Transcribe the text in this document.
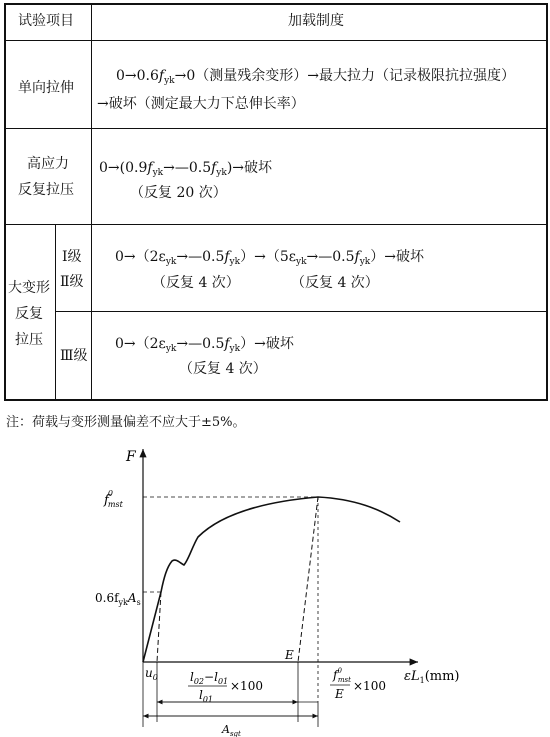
试验项目	加载制度
单向拉伸
$0\to 0.6f_{yk}\to 0$（测量残余变形）→最大拉力（记录极限抗拉强度）
→破坏（测定最大力下总伸长率）
高应力
反复拉压
$0\to(0.9f_{yk}\to—0.5f_{yk})\to$破坏
（反复 20 次）
大变形
反复
拉压
Ⅰ级
Ⅱ级
$0\to(2\varepsilon_{yk}\to—0.5f_{yk})\to(5\varepsilon_{yk}\to—0.5f_{yk})\to$破坏
（反复 4 次）	（反复 4 次）
Ⅲ级
$0\to(2\varepsilon_{yk}\to—0.5f_{yk})\to$破坏
（反复 4 次）
注：荷载与变形测量偏差不应大于±5%。
F
f0 mst
$0.6f_{yk}A_s$
$u_0$
E
$l_{02}-l_{01}$
$l_{01}$
×100
$f^0$ mst
E
×100
$\varepsilon L_1(mm)$
$A_{sgt}$
